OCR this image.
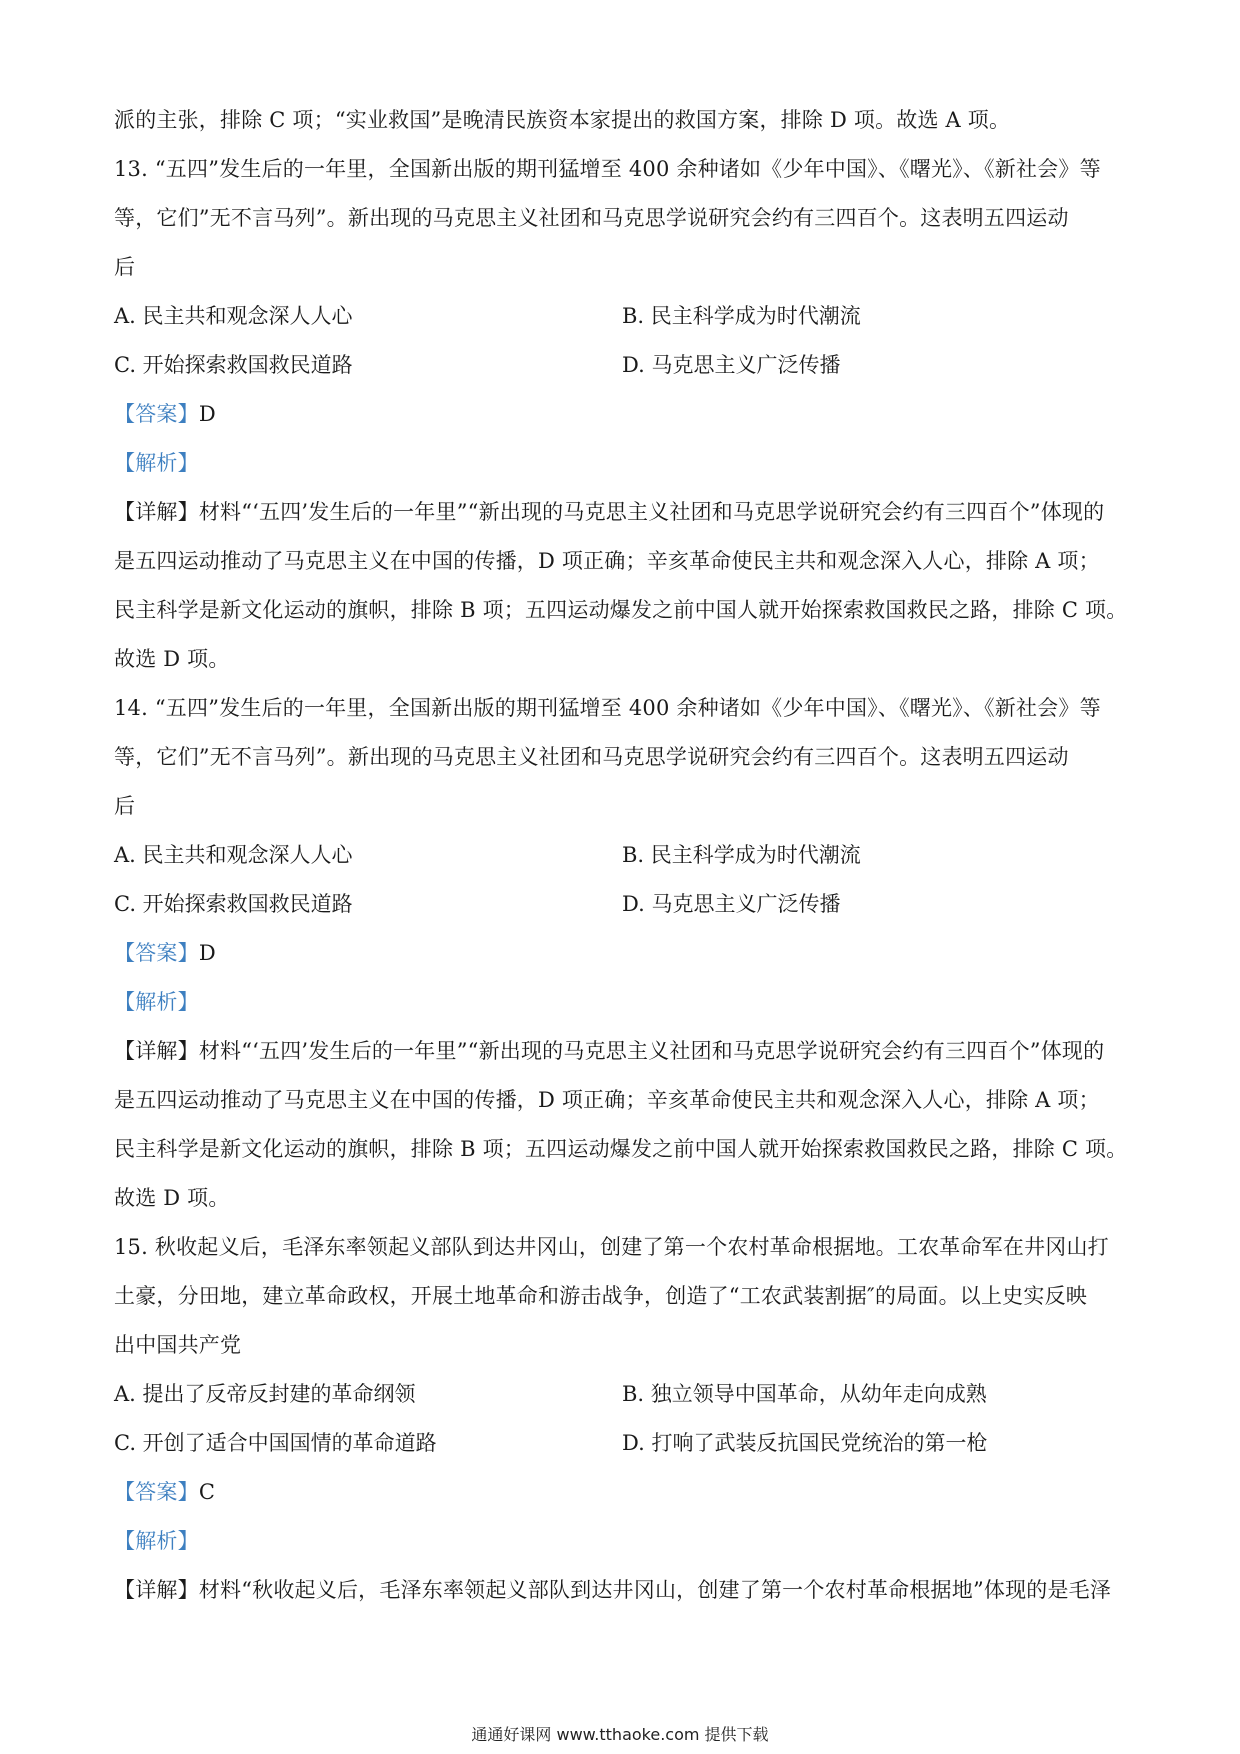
派的主张，排除 C 项；“实业救国”是晚清民族资本家提出的救国方案，排除 D 项。故选 A 项。
13. “五四”发生后的一年里，全国新出版的期刊猛增至 400 余种诸如《少年中国》、《曙光》、《新社会》等
等，它们”无不言马列”。新出现的马克思主义社团和马克思学说研究会约有三四百个。这表明五四运动
后
A. 民主共和观念深人人心	B. 民主科学成为时代潮流
C. 开始探索救国救民道路	D. 马克思主义广泛传播
【答案】D
【解析】
【详解】材料“‘五四’发生后的一年里”“新出现的马克思主义社团和马克思学说研究会约有三四百个”体现的
是五四运动推动了马克思主义在中国的传播，D 项正确；辛亥革命使民主共和观念深入人心，排除 A 项；
民主科学是新文化运动的旗帜，排除 B 项；五四运动爆发之前中国人就开始探索救国救民之路，排除 C 项。
故选 D 项。
14. “五四”发生后的一年里，全国新出版的期刊猛增至 400 余种诸如《少年中国》、《曙光》、《新社会》等
等，它们”无不言马列”。新出现的马克思主义社团和马克思学说研究会约有三四百个。这表明五四运动
后
A. 民主共和观念深人人心	B. 民主科学成为时代潮流
C. 开始探索救国救民道路	D. 马克思主义广泛传播
【答案】D
【解析】
【详解】材料“‘五四’发生后的一年里”“新出现的马克思主义社团和马克思学说研究会约有三四百个”体现的
是五四运动推动了马克思主义在中国的传播，D 项正确；辛亥革命使民主共和观念深入人心，排除 A 项；
民主科学是新文化运动的旗帜，排除 B 项；五四运动爆发之前中国人就开始探索救国救民之路，排除 C 项。
故选 D 项。
15. 秋收起义后，毛泽东率领起义部队到达井冈山，创建了第一个农村革命根据地。工农革命军在井冈山打
土豪，分田地，建立革命政权，开展土地革命和游击战争，创造了“工农武装割据″的局面。以上史实反映
出中国共产党
A. 提出了反帝反封建的革命纲领	B. 独立领导中国革命，从幼年走向成熟
C. 开创了适合中国国情的革命道路	D. 打响了武装反抗国民党统治的第一枪
【答案】C
【解析】
【详解】材料“秋收起义后，毛泽东率领起义部队到达井冈山，创建了第一个农村革命根据地”体现的是毛泽
通通好课网 www.tthaoke.com 提供下载
